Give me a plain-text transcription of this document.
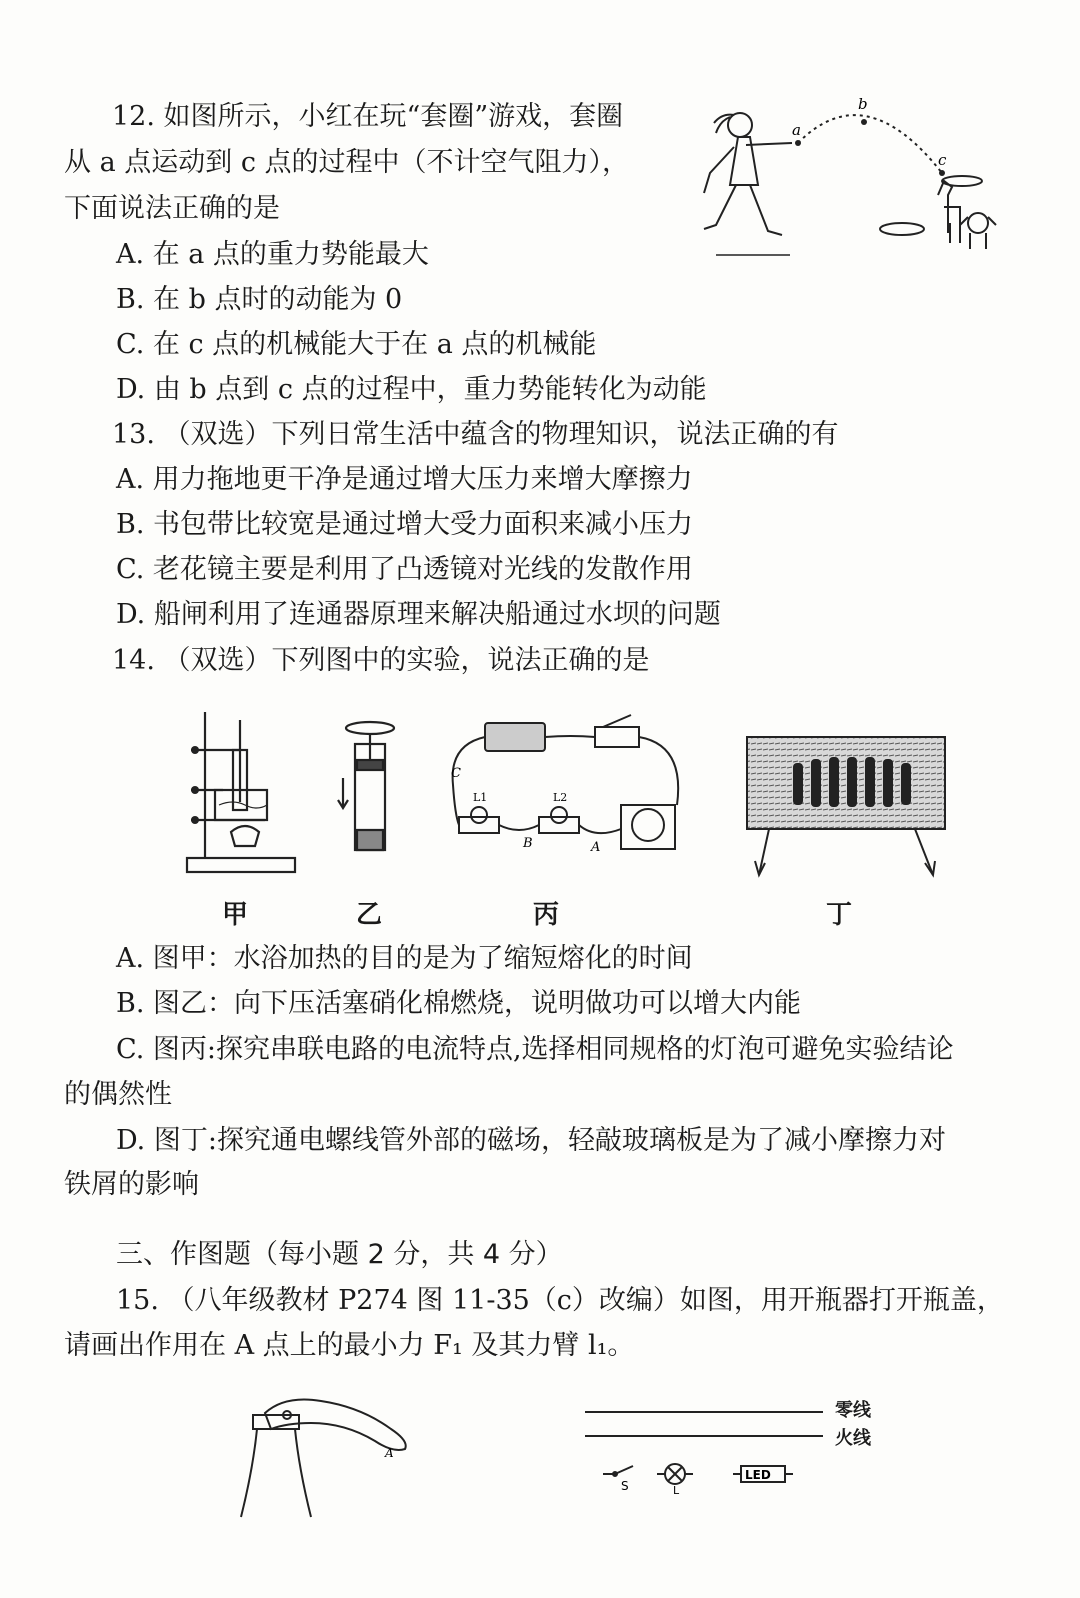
12. 如图所示，小红在玩“套圈”游戏，套圈
从 a 点运动到 c 点的过程中（不计空气阻力），
下面说法正确的是
A. 在 a 点的重力势能最大
B. 在 b 点时的动能为 0
C. 在 c 点的机械能大于在 a 点的机械能
D. 由 b 点到 c 点的过程中，重力势能转化为动能
a
b
c
13. （双选）下列日常生活中蕴含的物理知识，说法正确的有
A. 用力拖地更干净是通过增大压力来增大摩擦力
B. 书包带比较宽是通过增大受力面积来减小压力
C. 老花镜主要是利用了凸透镜对光线的发散作用
D. 船闸利用了连通器原理来解决船通过水坝的问题
14. （双选）下列图中的实验，说法正确的是
C
L1	L2
B	A
甲	乙	丙	丁
A. 图甲：水浴加热的目的是为了缩短熔化的时间
B. 图乙：向下压活塞硝化棉燃烧，说明做功可以增大内能
C. 图丙:探究串联电路的电流特点,选择相同规格的灯泡可避免实验结论
的偶然性
D. 图丁:探究通电螺线管外部的磁场，轻敲玻璃板是为了减小摩擦力对
铁屑的影响
三、作图题（每小题 2 分，共 4 分）
15. （八年级教材 P274 图 11-35（c）改编）如图，用开瓶器打开瓶盖，
请画出作用在 A 点上的最小力 F₁ 及其力臂 l₁。
A
S	L
LED
零线
火线
